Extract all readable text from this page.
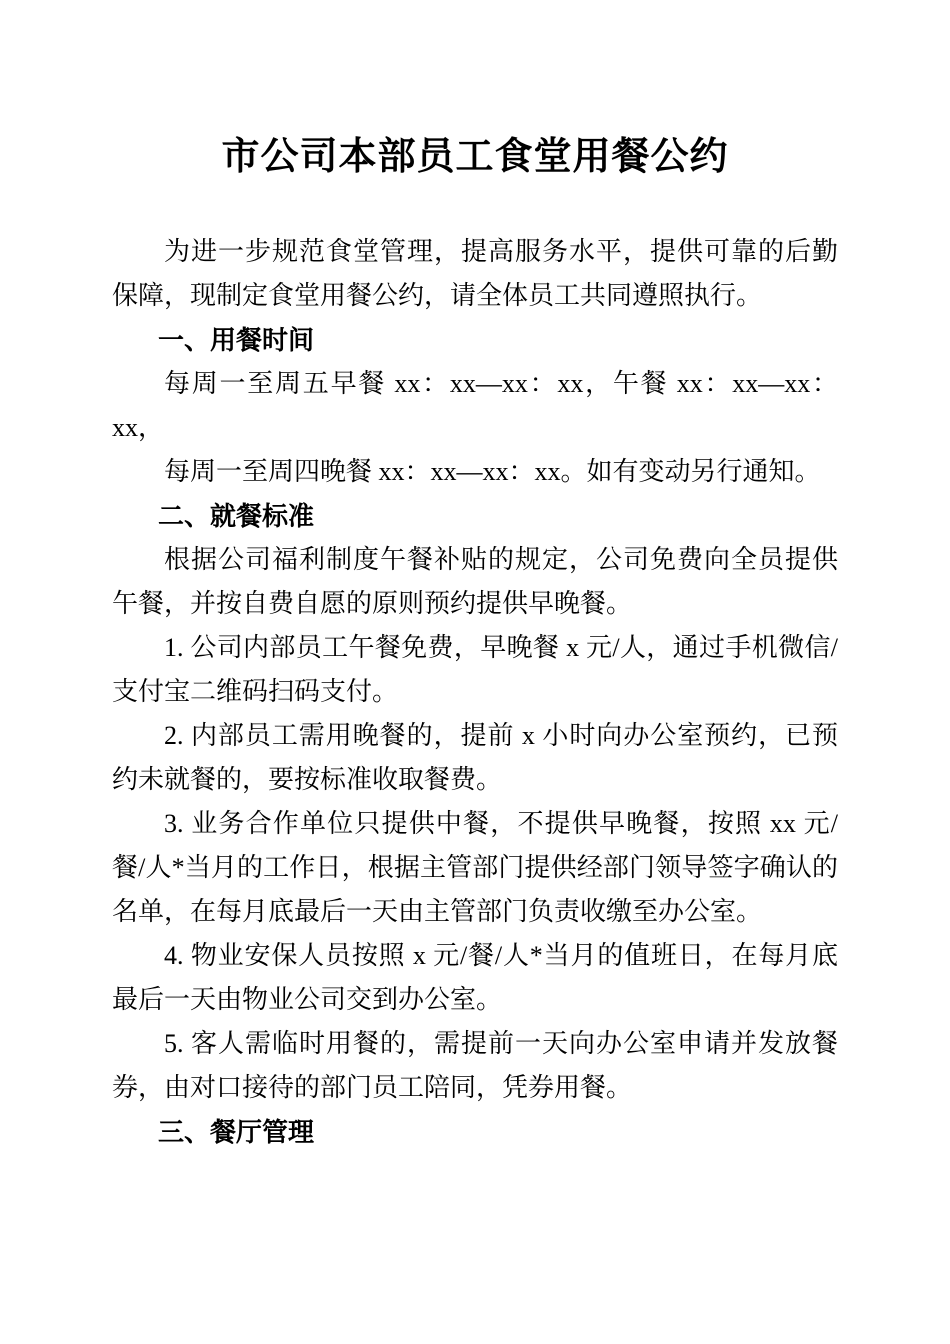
市公司本部员工食堂用餐公约

为进一步规范食堂管理，提高服务水平，提供可靠的后勤保障，现制定食堂用餐公约，请全体员工共同遵照执行。

一、用餐时间

每周一至周五早餐 xx：xx—xx：xx，午餐 xx：xx—xx：xx，

每周一至周四晚餐 xx：xx—xx：xx。如有变动另行通知。

二、就餐标准

根据公司福利制度午餐补贴的规定，公司免费向全员提供午餐，并按自费自愿的原则预约提供早晚餐。

1. 公司内部员工午餐免费，早晚餐 x 元/人，通过手机微信/支付宝二维码扫码支付。

2. 内部员工需用晚餐的，提前 x 小时向办公室预约，已预约未就餐的，要按标准收取餐费。

3. 业务合作单位只提供中餐，不提供早晚餐，按照 xx 元/餐/人*当月的工作日，根据主管部门提供经部门领导签字确认的名单，在每月底最后一天由主管部门负责收缴至办公室。

4. 物业安保人员按照 x 元/餐/人*当月的值班日，在每月底最后一天由物业公司交到办公室。

5. 客人需临时用餐的，需提前一天向办公室申请并发放餐券，由对口接待的部门员工陪同，凭券用餐。

三、餐厅管理
